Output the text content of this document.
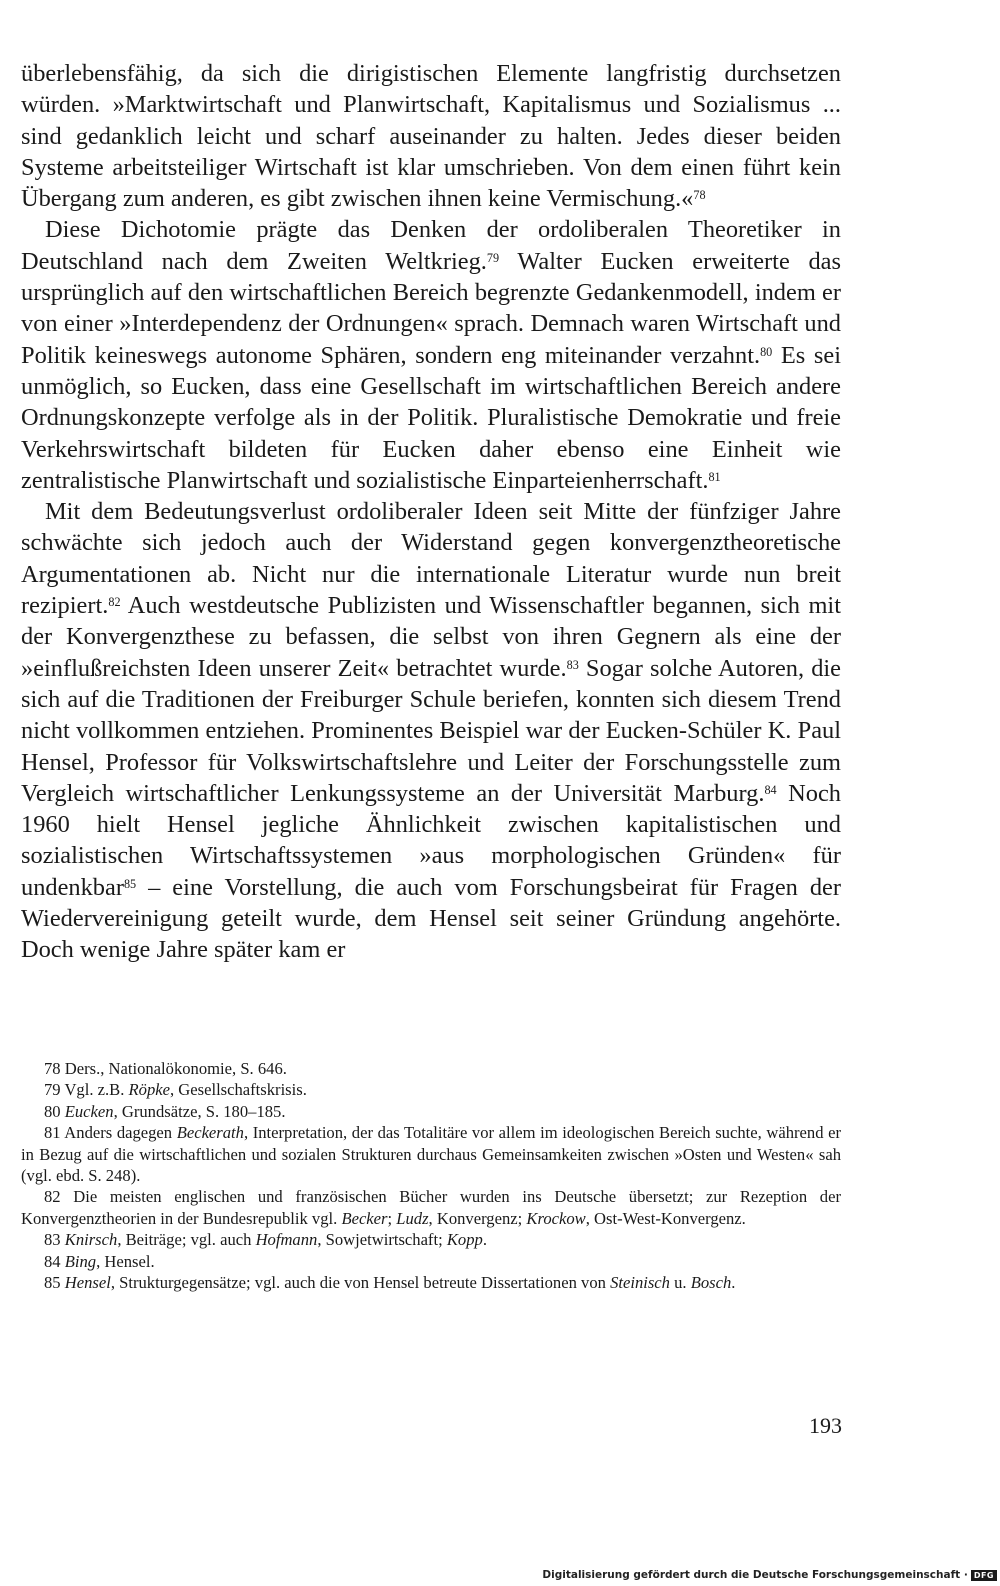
überlebensfähig, da sich die dirigistischen Elemente langfristig durchsetzen würden. »Marktwirtschaft und Planwirtschaft, Kapitalismus und Sozialismus ... sind gedanklich leicht und scharf auseinander zu halten. Jedes dieser beiden Systeme arbeitsteiliger Wirtschaft ist klar umschrieben. Von dem einen führt kein Übergang zum anderen, es gibt zwischen ihnen keine Vermischung.«$^{78}$

Diese Dichotomie prägte das Denken der ordoliberalen Theoretiker in Deutschland nach dem Zweiten Weltkrieg.$^{79}$ Walter Eucken erweiterte das ursprünglich auf den wirtschaftlichen Bereich begrenzte Gedankenmodell, indem er von einer »Interdependenz der Ordnungen« sprach. Demnach waren Wirtschaft und Politik keineswegs autonome Sphären, sondern eng miteinander verzahnt.$^{80}$ Es sei unmöglich, so Eucken, dass eine Gesellschaft im wirtschaftlichen Bereich andere Ordnungskonzepte verfolge als in der Politik. Pluralistische Demokratie und freie Verkehrswirtschaft bildeten für Eucken daher ebenso eine Einheit wie zentralistische Planwirtschaft und sozialistische Einparteienherrschaft.$^{81}$

Mit dem Bedeutungsverlust ordoliberaler Ideen seit Mitte der fünfziger Jahre schwächte sich jedoch auch der Widerstand gegen konvergenztheoretische Argumentationen ab. Nicht nur die internationale Literatur wurde nun breit rezipiert.$^{82}$ Auch westdeutsche Publizisten und Wissenschaftler begannen, sich mit der Konvergenzthese zu befassen, die selbst von ihren Gegnern als eine der »einflußreichsten Ideen unserer Zeit« betrachtet wurde.$^{83}$ Sogar solche Autoren, die sich auf die Traditionen der Freiburger Schule beriefen, konnten sich diesem Trend nicht vollkommen entziehen. Prominentes Beispiel war der Eucken-Schüler K. Paul Hensel, Professor für Volkswirtschaftslehre und Leiter der Forschungsstelle zum Vergleich wirtschaftlicher Lenkungssysteme an der Universität Marburg.$^{84}$ Noch 1960 hielt Hensel jegliche Ähnlichkeit zwischen kapitalistischen und sozialistischen Wirtschaftssystemen »aus morphologischen Gründen« für undenkbar$^{85}$ – eine Vorstellung, die auch vom Forschungsbeirat für Fragen der Wiedervereinigung geteilt wurde, dem Hensel seit seiner Gründung angehörte. Doch wenige Jahre später kam er

78 Ders., Nationalökonomie, S. 646.

79 Vgl. z.B. Röpke, Gesellschaftskrisis.

80 Eucken, Grundsätze, S. 180–185.

81 Anders dagegen Beckerath, Interpretation, der das Totalitäre vor allem im ideologischen Bereich suchte, während er in Bezug auf die wirtschaftlichen und sozialen Strukturen durchaus Gemeinsamkeiten zwischen »Osten und Westen« sah (vgl. ebd. S. 248).

82 Die meisten englischen und französischen Bücher wurden ins Deutsche übersetzt; zur Rezeption der Konvergenztheorien in der Bundesrepublik vgl. Becker; Ludz, Konvergenz; Krockow, Ost-West-Konvergenz.

83 Knirsch, Beiträge; vgl. auch Hofmann, Sowjetwirtschaft; Kopp.

84 Bing, Hensel.

85 Hensel, Strukturgegensätze; vgl. auch die von Hensel betreute Dissertationen von Steinisch u. Bosch.

193
Digitalisierung gefördert durch die Deutsche Forschungsgemeinschaft · DFG
